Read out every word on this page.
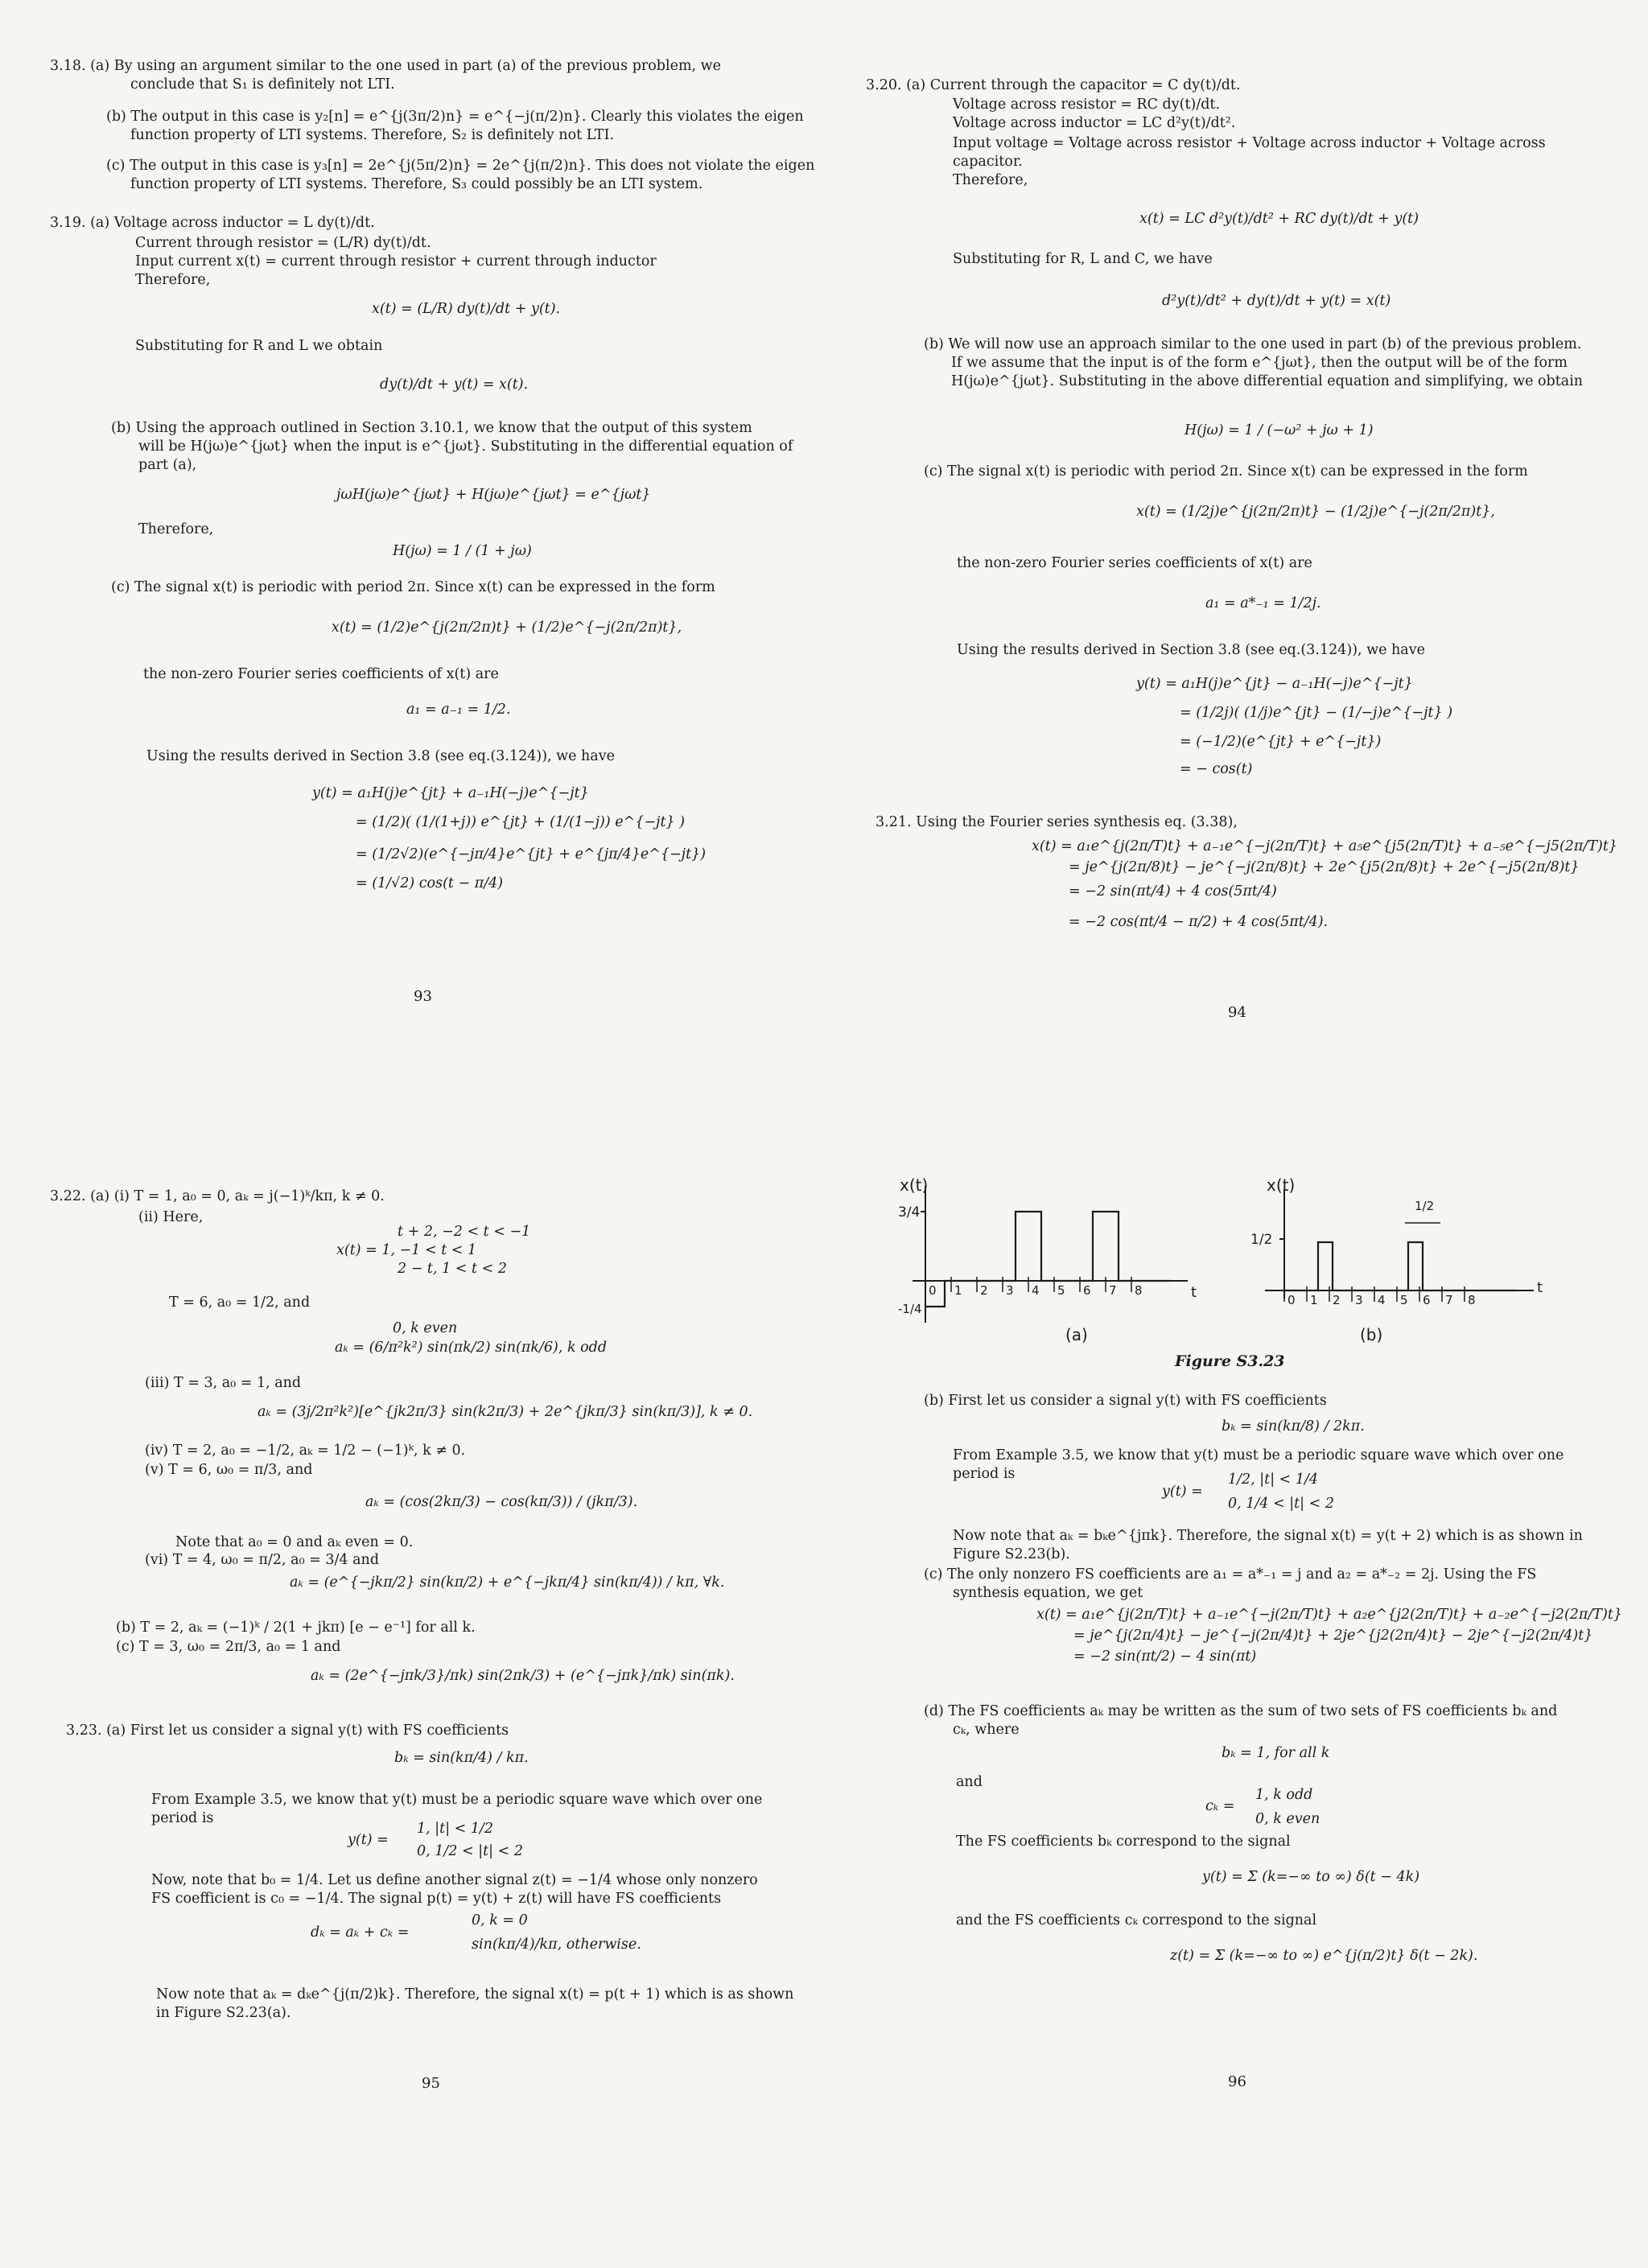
3.18. (a) By using an argument similar to the one used in part (a) of the previous problem, we
conclude that S₁ is definitely not LTI.
(b) The output in this case is y₂[n] = e^{j(3π/2)n} = e^{−j(π/2)n}. Clearly this violates the eigen
function property of LTI systems. Therefore, S₂ is definitely not LTI.
(c) The output in this case is y₃[n] = 2e^{j(5π/2)n} = 2e^{j(π/2)n}. This does not violate the eigen
function property of LTI systems. Therefore, S₃ could possibly be an LTI system.
3.19. (a) Voltage across inductor = L dy(t)/dt.
Current through resistor = (L/R) dy(t)/dt.
Input current x(t) = current through resistor + current through inductor
Therefore,
x(t) = (L/R) dy(t)/dt + y(t).
Substituting for R and L we obtain
dy(t)/dt + y(t) = x(t).
(b) Using the approach outlined in Section 3.10.1, we know that the output of this system
will be H(jω)e^{jωt} when the input is e^{jωt}. Substituting in the differential equation of
part (a),
jωH(jω)e^{jωt} + H(jω)e^{jωt} = e^{jωt}
Therefore,
H(jω) = 1 / (1 + jω)
(c) The signal x(t) is periodic with period 2π. Since x(t) can be expressed in the form
x(t) = (1/2)e^{j(2π/2π)t} + (1/2)e^{−j(2π/2π)t},
the non-zero Fourier series coefficients of x(t) are
a₁ = a₋₁ = 1/2.
Using the results derived in Section 3.8 (see eq.(3.124)), we have
y(t) = a₁H(j)e^{jt} + a₋₁H(−j)e^{−jt}
= (1/2)( (1/(1+j)) e^{jt} + (1/(1−j)) e^{−jt} )
= (1/2√2)(e^{−jπ/4}e^{jt} + e^{jπ/4}e^{−jt})
= (1/√2) cos(t − π/4)
93
3.20. (a) Current through the capacitor = C dy(t)/dt.
Voltage across resistor = RC dy(t)/dt.
Voltage across inductor = LC d²y(t)/dt².
Input voltage = Voltage across resistor + Voltage across inductor + Voltage across
capacitor.
Therefore,
x(t) = LC d²y(t)/dt² + RC dy(t)/dt + y(t)
Substituting for R, L and C, we have
d²y(t)/dt² + dy(t)/dt + y(t) = x(t)
(b) We will now use an approach similar to the one used in part (b) of the previous problem.
If we assume that the input is of the form e^{jωt}, then the output will be of the form
H(jω)e^{jωt}. Substituting in the above differential equation and simplifying, we obtain
H(jω) = 1 / (−ω² + jω + 1)
(c) The signal x(t) is periodic with period 2π. Since x(t) can be expressed in the form
x(t) = (1/2j)e^{j(2π/2π)t} − (1/2j)e^{−j(2π/2π)t},
the non-zero Fourier series coefficients of x(t) are
a₁ = a*₋₁ = 1/2j.
Using the results derived in Section 3.8 (see eq.(3.124)), we have
y(t) = a₁H(j)e^{jt} − a₋₁H(−j)e^{−jt}
= (1/2j)( (1/j)e^{jt} − (1/−j)e^{−jt} )
= (−1/2)(e^{jt} + e^{−jt})
= − cos(t)
3.21. Using the Fourier series synthesis eq. (3.38),
x(t) = a₁e^{j(2π/T)t} + a₋₁e^{−j(2π/T)t} + a₅e^{j5(2π/T)t} + a₋₅e^{−j5(2π/T)t}
= je^{j(2π/8)t} − je^{−j(2π/8)t} + 2e^{j5(2π/8)t} + 2e^{−j5(2π/8)t}
= −2 sin(πt/4) + 4 cos(5πt/4)
= −2 cos(πt/4 − π/2) + 4 cos(5πt/4).
94
3.22. (a) (i) T = 1, a₀ = 0, aₖ = j(−1)ᵏ/kπ, k ≠ 0.
(ii) Here,
t + 2, −2 < t < −1
x(t) = 1, −1 < t < 1
2 − t, 1 < t < 2
T = 6, a₀ = 1/2, and
0, k even
aₖ = (6/π²k²) sin(πk/2) sin(πk/6), k odd
(iii) T = 3, a₀ = 1, and
aₖ = (3j/2π²k²)[e^{jk2π/3} sin(k2π/3) + 2e^{jkπ/3} sin(kπ/3)], k ≠ 0.
(iv) T = 2, a₀ = −1/2, aₖ = 1/2 − (−1)ᵏ, k ≠ 0.
(v) T = 6, ω₀ = π/3, and
aₖ = (cos(2kπ/3) − cos(kπ/3)) / (jkπ/3).
Note that a₀ = 0 and aₖ even = 0.
(vi) T = 4, ω₀ = π/2, a₀ = 3/4 and
aₖ = (e^{−jkπ/2} sin(kπ/2) + e^{−jkπ/4} sin(kπ/4)) / kπ, ∀k.
(b) T = 2, aₖ = (−1)ᵏ / 2(1 + jkπ) [e − e⁻¹] for all k.
(c) T = 3, ω₀ = 2π/3, a₀ = 1 and
aₖ = (2e^{−jπk/3}/πk) sin(2πk/3) + (e^{−jπk}/πk) sin(πk).
3.23. (a) First let us consider a signal y(t) with FS coefficients
bₖ = sin(kπ/4) / kπ.
From Example 3.5, we know that y(t) must be a periodic square wave which over one
period is
1, |t| < 1/2
y(t) =
0, 1/2 < |t| < 2
Now, note that b₀ = 1/4. Let us define another signal z(t) = −1/4 whose only nonzero
FS coefficient is c₀ = −1/4. The signal p(t) = y(t) + z(t) will have FS coefficients
0, k = 0
dₖ = aₖ + cₖ =
sin(kπ/4)/kπ, otherwise.
Now note that aₖ = dₖe^{j(π/2)k}. Therefore, the signal x(t) = p(t + 1) which is as shown
in Figure S2.23(a).
95
x(t)
3/4
-1/4
0 1 2 3 4 5 6 7 8	t
(a)
x(t)
1/2
1/2
0 1 2 3 4 5 6 7 8
t
(b)
Figure S3.23
(b) First let us consider a signal y(t) with FS coefficients
bₖ = sin(kπ/8) / 2kπ.
From Example 3.5, we know that y(t) must be a periodic square wave which over one
period is	1/2, |t| < 1/4
y(t) =
0, 1/4 < |t| < 2
Now note that aₖ = bₖe^{jπk}. Therefore, the signal x(t) = y(t + 2) which is as shown in
Figure S2.23(b).
(c) The only nonzero FS coefficients are a₁ = a*₋₁ = j and a₂ = a*₋₂ = 2j. Using the FS
synthesis equation, we get
x(t) = a₁e^{j(2π/T)t} + a₋₁e^{−j(2π/T)t} + a₂e^{j2(2π/T)t} + a₋₂e^{−j2(2π/T)t}
= je^{j(2π/4)t} − je^{−j(2π/4)t} + 2je^{j2(2π/4)t} − 2je^{−j2(2π/4)t}
= −2 sin(πt/2) − 4 sin(πt)
(d) The FS coefficients aₖ may be written as the sum of two sets of FS coefficients bₖ and
cₖ, where
bₖ = 1, for all k
and
1, k odd
cₖ =
0, k even
The FS coefficients bₖ correspond to the signal
y(t) = Σ (k=−∞ to ∞) δ(t − 4k)
and the FS coefficients cₖ correspond to the signal
z(t) = Σ (k=−∞ to ∞) e^{j(π/2)t} δ(t − 2k).
96
